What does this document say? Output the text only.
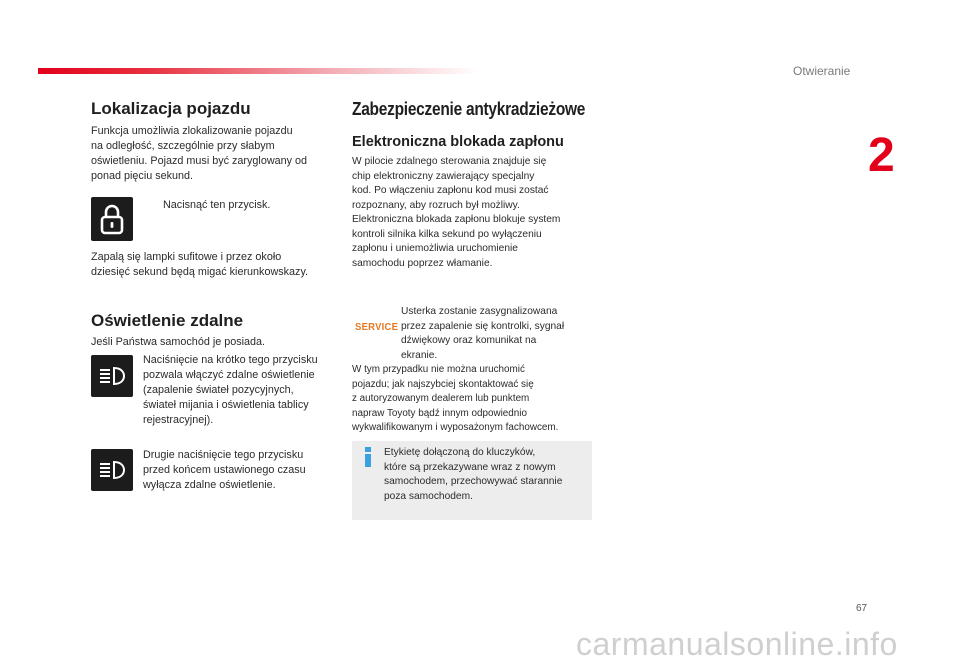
Otwieranie
2
Lokalizacja pojazdu
Funkcja umożliwia zlokalizowanie pojazdu
na odległość, szczególnie przy słabym
oświetleniu. Pojazd musi być zaryglowany od
ponad pięciu sekund.
Nacisnąć ten przycisk.
Zapalą się lampki sufitowe i przez około
dziesięć sekund będą migać kierunkowskazy.
Oświetlenie zdalne
Jeśli Państwa samochód je posiada.
Naciśnięcie na krótko tego przycisku
pozwala włączyć zdalne oświetlenie
(zapalenie świateł pozycyjnych,
świateł mijania i oświetlenia tablicy
rejestracyjnej).
Drugie naciśnięcie tego przycisku
przed końcem ustawionego czasu
wyłącza zdalne oświetlenie.
Zabezpieczenie antykradzieżowe
Elektroniczna blokada zapłonu
W pilocie zdalnego sterowania znajduje się
chip elektroniczny zawierający specjalny
kod. Po włączeniu zapłonu kod musi zostać
rozpoznany, aby rozruch był możliwy.
Elektroniczna blokada zapłonu blokuje system
kontroli silnika kilka sekund po wyłączeniu
zapłonu i uniemożliwia uruchomienie
samochodu poprzez włamanie.
SERVICE
Usterka zostanie zasygnalizowana
przez zapalenie się kontrolki, sygnał
dźwiękowy oraz komunikat na
ekranie.
W tym przypadku nie można uruchomić
pojazdu; jak najszybciej skontaktować się
z autoryzowanym dealerem lub punktem
napraw Toyoty bądź innym odpowiednio
wykwalifikowanym i wyposażonym fachowcem.
Etykietę dołączoną do kluczyków,
które są przekazywane wraz z nowym
samochodem, przechowywać starannie
poza samochodem.
67
carmanualsonline.info
